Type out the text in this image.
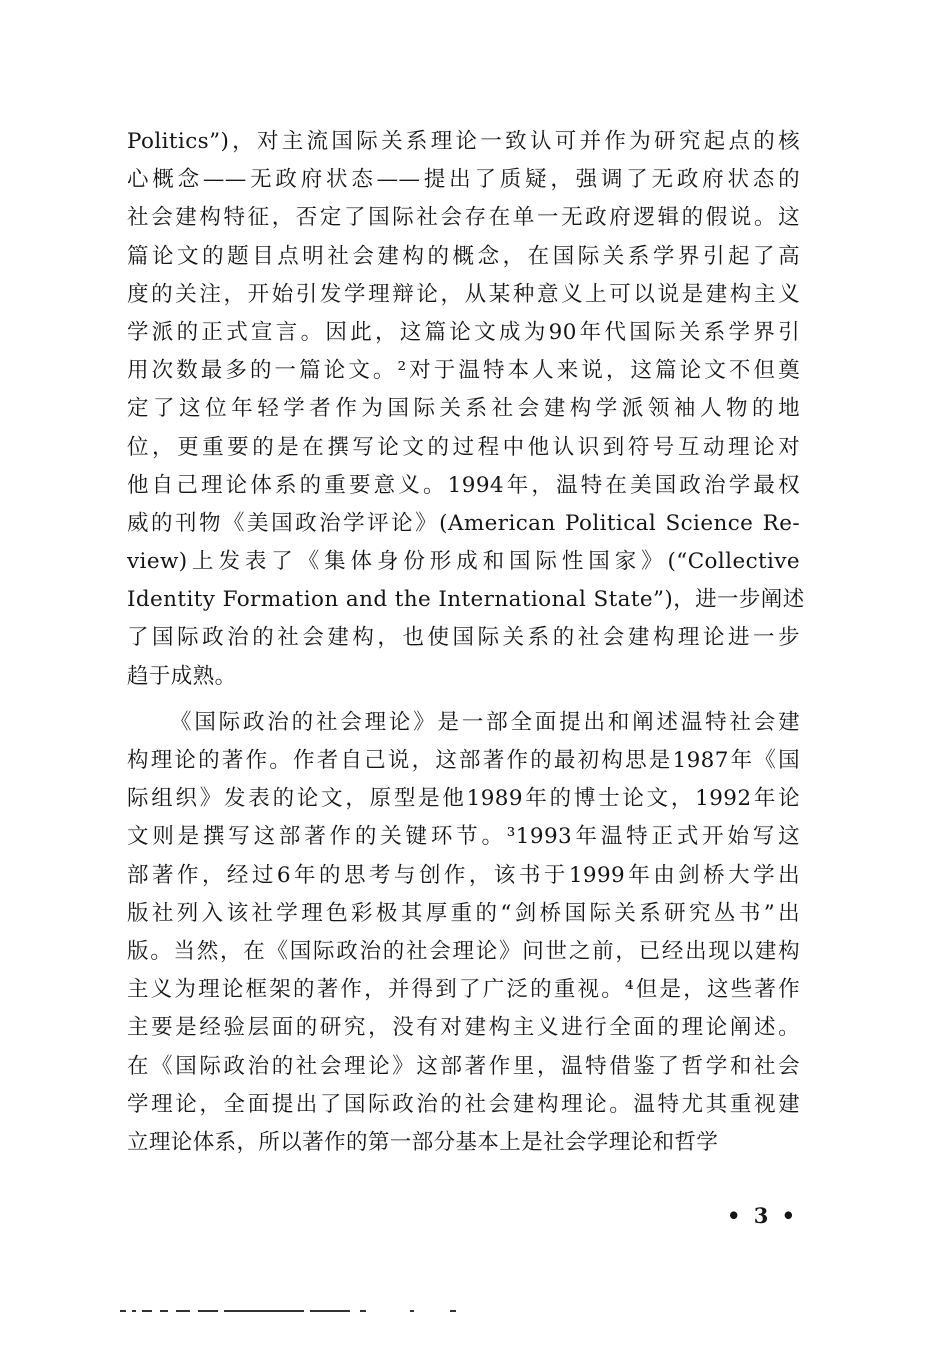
Politics”)，对主流国际关系理论一致认可并作为研究起点的核
心概念——无政府状态——提出了质疑，强调了无政府状态的
社会建构特征，否定了国际社会存在单一无政府逻辑的假说。这
篇论文的题目点明社会建构的概念，在国际关系学界引起了高
度的关注，开始引发学理辩论，从某种意义上可以说是建构主义
学派的正式宣言。因此，这篇论文成为90年代国际关系学界引
用次数最多的一篇论文。²对于温特本人来说，这篇论文不但奠
定了这位年轻学者作为国际关系社会建构学派领袖人物的地
位，更重要的是在撰写论文的过程中他认识到符号互动理论对
他自己理论体系的重要意义。1994年，温特在美国政治学最权
威的刊物《美国政治学评论》(American Political Science Re-
view)上发表了《集体身份形成和国际性国家》(“Collective
Identity Formation and the International State”)，进一步阐述
了国际政治的社会建构，也使国际关系的社会建构理论进一步
趋于成熟。
《国际政治的社会理论》是一部全面提出和阐述温特社会建
构理论的著作。作者自己说，这部著作的最初构思是1987年《国
际组织》发表的论文，原型是他1989年的博士论文，1992年论
文则是撰写这部著作的关键环节。³1993年温特正式开始写这
部著作，经过6年的思考与创作，该书于1999年由剑桥大学出
版社列入该社学理色彩极其厚重的“剑桥国际关系研究丛书”出
版。当然，在《国际政治的社会理论》问世之前，已经出现以建构
主义为理论框架的著作，并得到了广泛的重视。⁴但是，这些著作
主要是经验层面的研究，没有对建构主义进行全面的理论阐述。
在《国际政治的社会理论》这部著作里，温特借鉴了哲学和社会
学理论，全面提出了国际政治的社会建构理论。温特尤其重视建
立理论体系，所以著作的第一部分基本上是社会学理论和哲学
• 3 •
